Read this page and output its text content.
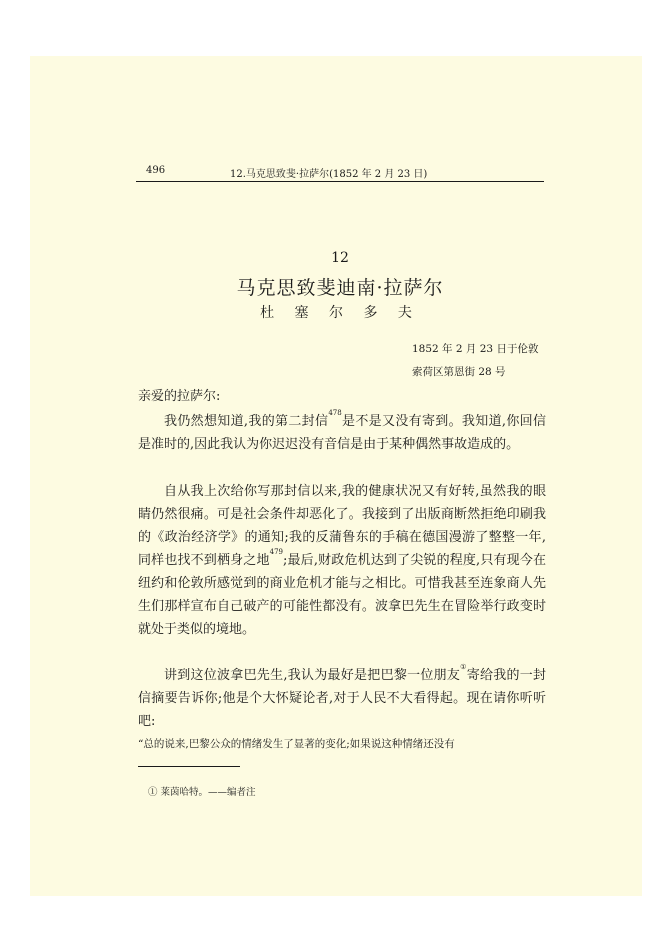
496	12.马克思致斐·拉萨尔(1852 年 2 月 23 日)
12
马克思致斐迪南·拉萨尔
杜 塞 尔 多 夫
1852 年 2 月 23 日于伦敦
索荷区第恩街 28 号
亲爱的拉萨尔:
我仍然想知道,我的第二封信$^{478}$是不是又没有寄到。我知道,你回信是准时的,因此我认为你迟迟没有音信是由于某种偶然事故造成的。
自从我上次给你写那封信以来,我的健康状况又有好转,虽然我的眼睛仍然很痛。可是社会条件却恶化了。我接到了出版商断然拒绝印刷我的《政治经济学》的通知;我的反蒲鲁东的手稿在德国漫游了整整一年,同样也找不到栖身之地$^{479}$;最后,财政危机达到了尖锐的程度,只有现今在纽约和伦敦所感觉到的商业危机才能与之相比。可惜我甚至连象商人先生们那样宣布自己破产的可能性都没有。波拿巴先生在冒险举行政变时就处于类似的境地。
讲到这位波拿巴先生,我认为最好是把巴黎一位朋友①寄给我的一封信摘要告诉你;他是个大怀疑论者,对于人民不大看得起。现在请你听听吧:
“总的说来,巴黎公众的情绪发生了显著的变化;如果说这种情绪还没有
① 莱茵哈特。——编者注
